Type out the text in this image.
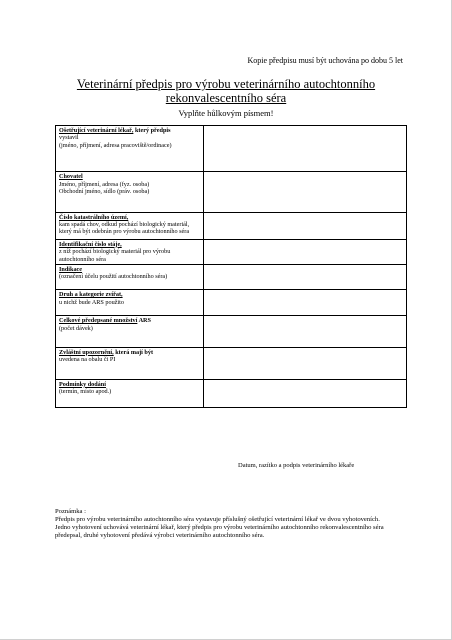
Kopie předpisu musí být uchována po dobu 5 let
Veterinární předpis pro výrobu veterinárního autochtonního
rekonvalescentního séra
Vyplňte hůlkovým písmem!
Ošetřující veterinární lékař, který předpis
vystavil
(jméno, příjmení, adresa pracoviště/ordinace)	

Chovatel
Jméno, příjmení, adresa (fyz. osoba)
Obchodní jméno, sídlo (práv. osoba)	

Číslo katastrálního území,
kam spadá chov, odkud pochází biologický materiál, který má být odebrán pro výrobu autochtonního séra	

Identifikační číslo stáje,
z níž pochází biologický materiál pro výrobu autochtonního séra	

Indikace
(označení účelu použití autochtonního séra)	

Druh a kategorie zvířat,
u nichž bude ARS použito	

Celkové předepsané množství ARS
(počet dávek)	

Zvláštní upozornění, která mají být
uvedena na obalu či PI	

Podmínky dodání
(termín, místo apod.)	

Datum, razítko a podpis veterinárního lékaře
Poznámka :
Předpis pro výrobu veterinárního autochtonního séra vystavuje příslušný ošetřující veterinární lékař ve dvou vyhotoveních. Jedno vyhotovení uchovává veterinární lékař, který předpis pro výrobu veterinárního autochtonního rekonvalescentního séra předepsal, druhé vyhotovení předává výrobci veterinárního autochtonního séra.
